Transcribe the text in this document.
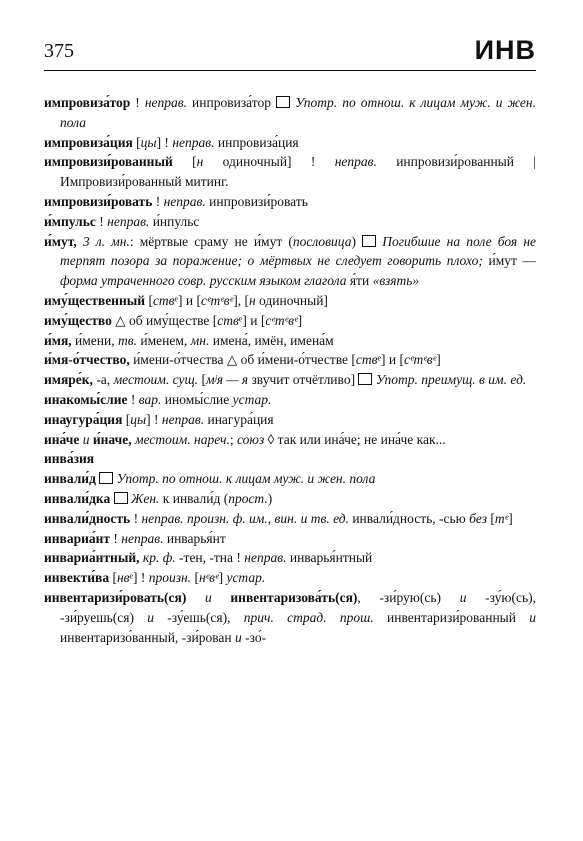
375	ИНВ

импровиза́тор ! неправ. инпровиза́тор  Употр. по отнош. к лицам муж. и жен. пола

импровиза́ция [цы] ! неправ. инпровиза́ция

импровизи́рованный [н одиночный] ! неправ. инпровизи́рованный | Импровизи́рованный митинг.

импровизи́ровать ! неправ. инпровизи́ровать

и́мпульс ! неправ. и́нпульс

и́мут, 3 л. мн.: мёртвые сраму не и́мут (пословица)  Погибшие на поле боя не терпят позора за поражение; о мёртвых не следует говорить плохо; и́мут — форма утраченного совр. русским языком глагола я́ти «взять»

иму́щественный [ствᵉ] и [cᵉmᵉвᵉ], [н одиночный]

иму́щество △ об иму́ществе [ствᵉ] и [cᵉmᵉвᵉ]

и́мя, и́мени, тв. и́менем, мн. имена́, имён, имена́м

и́мя-о́тчество, и́мени-о́тчества △ об и́мени-о́тчестве [ствᵉ] и [cᵉmᵉвᵉ]

имяре́к, -а, местоим. сущ. [мʲя — я звучит отчётливо]  Употр. преимущ. в им. ед.

инакомы́слие ! вар. иномы́слие устар.

инаугура́ция [цы] ! неправ. инагура́ция

ина́че и и́наче, местоим. нареч.; союз ◊ так или ина́че; не ина́че как...

инва́зия

инвали́д  Употр. по отнош. к лицам муж. и жен. пола

инвали́дка  Жен. к инвали́д (прост.)

инвали́дность ! неправ. произн. ф. им., вин. и тв. ед. инвали́дность, -сью без [mᵉ]

инвариа́нт ! неправ. инварья́нт

инвариа́нтный, кр. ф. -тен, -тна ! неправ. инварья́нтный

инвекти́ва [нвᵉ] ! произн. [нᵉвᵉ] устар.

инвентаризи́ровать(ся) и инвентаризова́ть(ся), -зи́рую(сь) и -зу́ю(сь), -зи́руешь(ся) и -зу́ешь(ся), прич. страд. прош. инвентаризи́рованный и инвентаризо́ванный, -зи́рован и -зо́-
